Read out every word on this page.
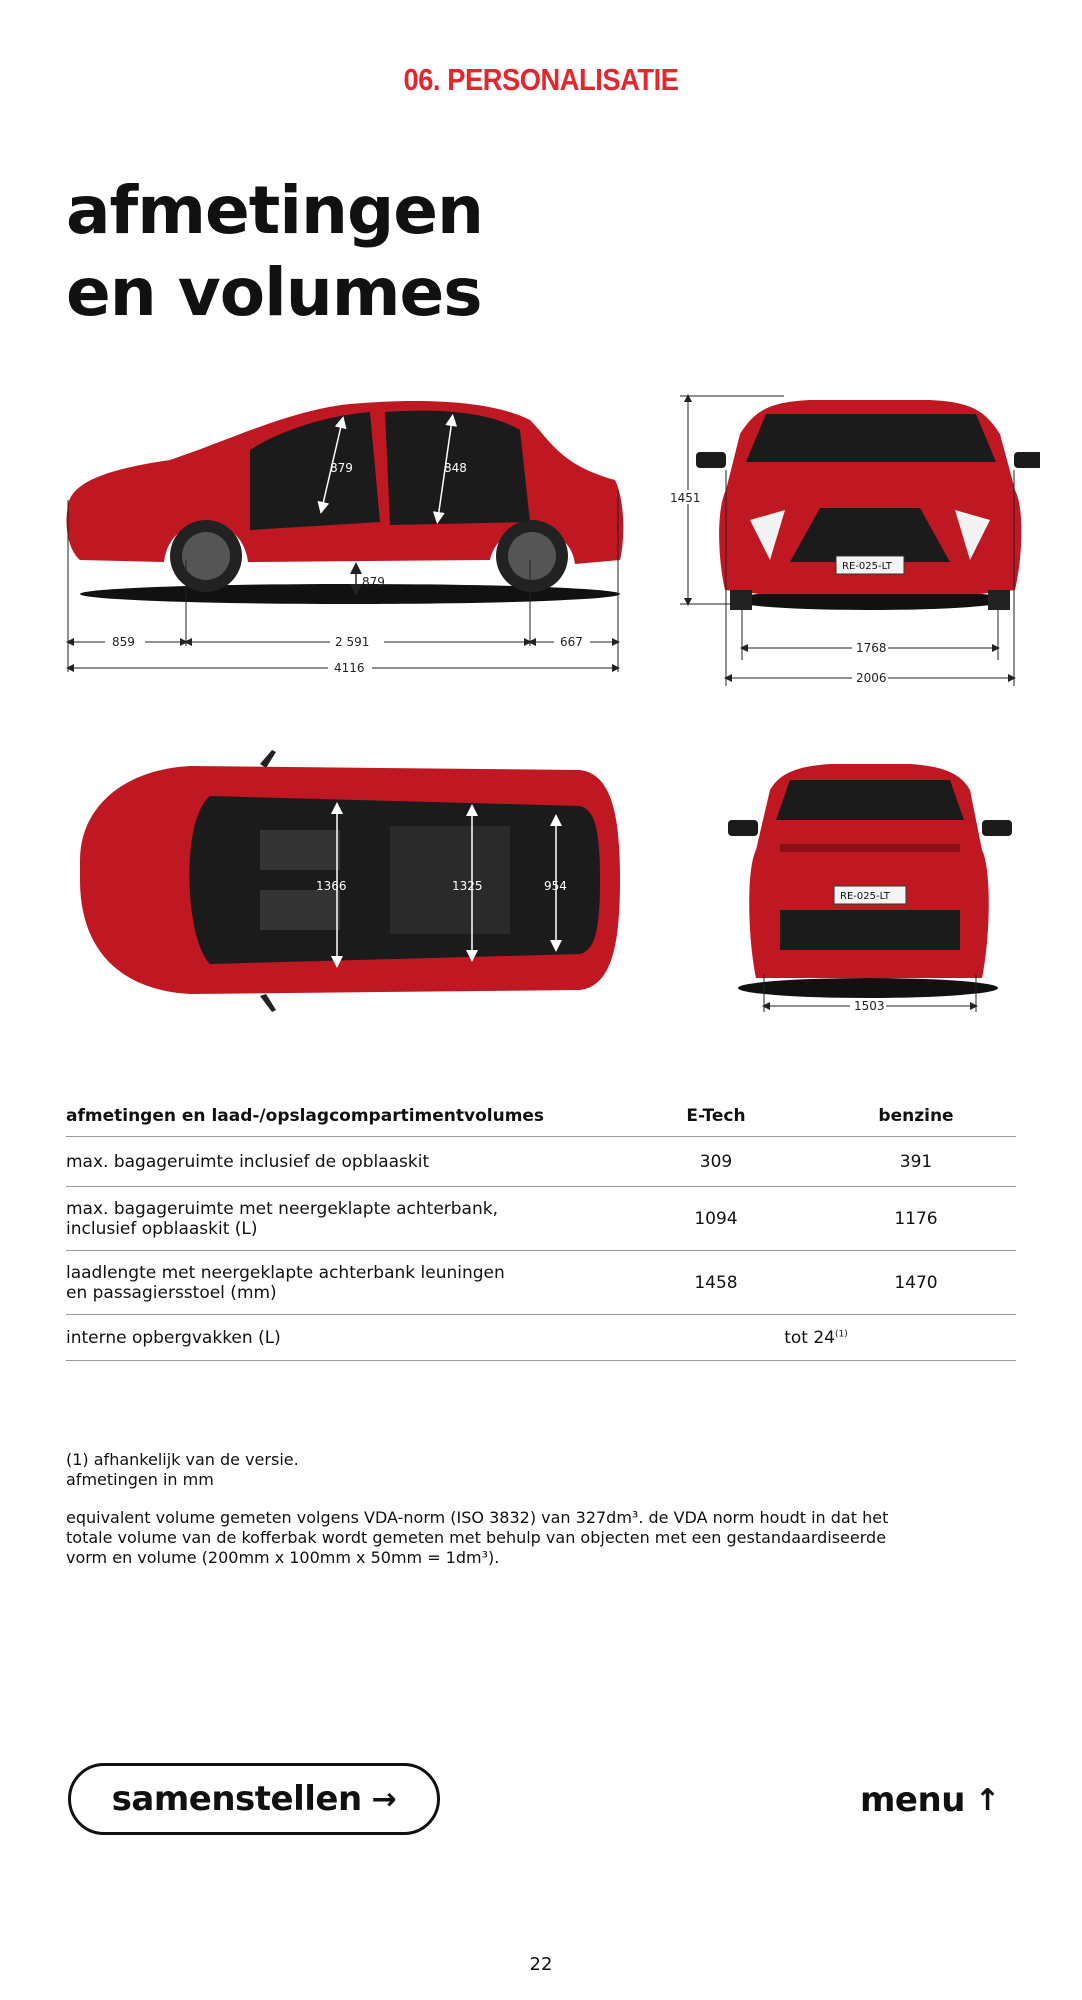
06. PERSONALISATIE
afmetingen
en volumes
879	848
879
859	2 591	667
4116
RE-025-LT
1451
1768
2006
1366	1325	954
RE-025-LT
1503
afmetingen en laad-/opslagcompartimentvolumes	E-Tech	benzine
max. bagageruimte inclusief de opblaaskit	309	391
max. bagageruimte met neergeklapte achterbank,
inclusief opblaaskit (L)	1094	1176
laadlengte met neergeklapte achterbank leuningen
en passagiersstoel (mm)	1458	1470
interne opbergvakken (L)	tot 24$^{(1)}$

(1) afhankelijk van de versie.

afmetingen in mm

equivalent volume gemeten volgens VDA-norm (ISO 3832) van 327dm³. de VDA norm houdt in dat het

totale volume van de kofferbak wordt gemeten met behulp van objecten met een gestandaardiseerde

vorm en volume (200mm x 100mm x 50mm = 1dm³).

samenstellen →	menu ↑
22
